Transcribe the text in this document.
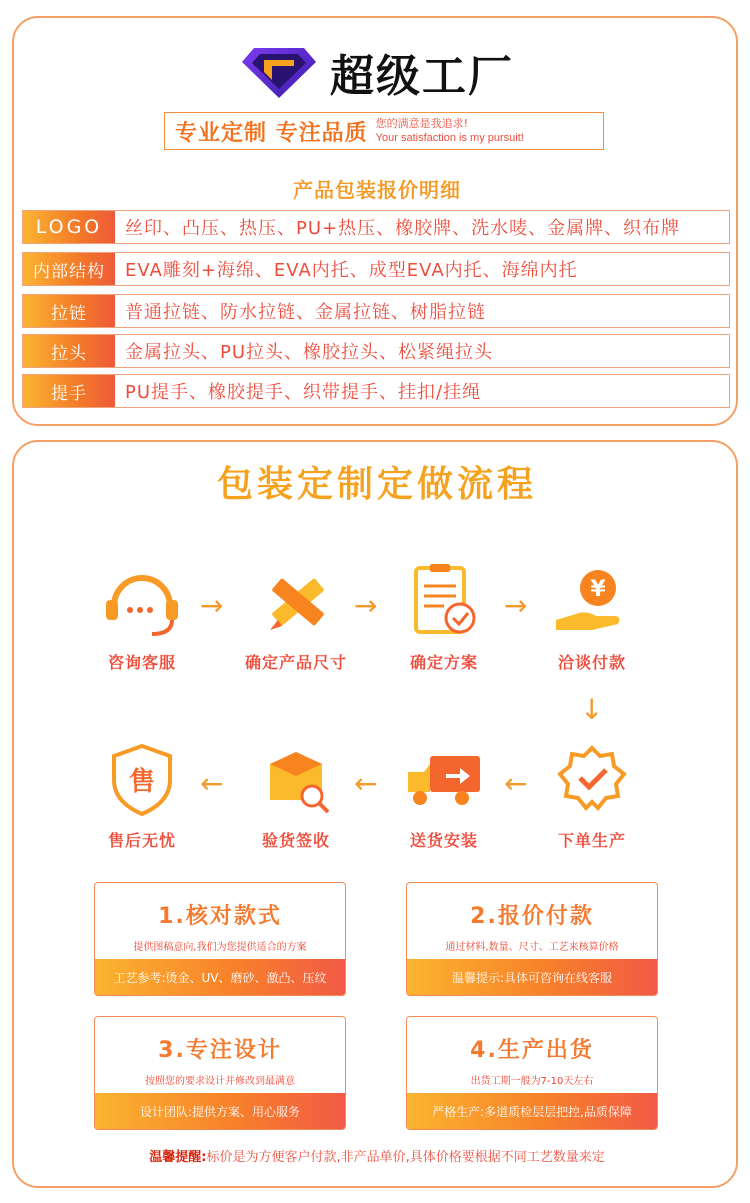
超级工厂
专业定制 专注品质 您的满意是我追求!
Your satisfaction is my pursuit!
产品包装报价明细
LOGO	丝印、凸压、热压、PU+热压、橡胶牌、洗水唛、金属牌、织布牌
内部结构	EVA雕刻+海绵、EVA内托、成型EVA内托、海绵内托
拉链	普通拉链、防水拉链、金属拉链、树脂拉链
拉头	金属拉头、PU拉头、橡胶拉头、松紧绳拉头
提手	PU提手、橡胶提手、织带提手、挂扣/挂绳
包装定制定做流程
咨询客服
→
确定产品尺寸
→
确定方案
→	¥
洽谈付款
↓
售
售后无忧
←
验货签收
←
送货安装
←
下单生产
1.核对款式
提供图稿意向,我们为您提供适合的方案
工艺参考:烫金、UV、磨砂、激凸、压纹
2.报价付款
通过材料,数量、尺寸、工艺来核算价格
温馨提示:具体可咨询在线客服
3.专注设计
按照您的要求设计并修改到最满意
设计团队:提供方案、用心服务
4.生产出货
出货工期一般为7-10天左右
严格生产:多道质检层层把控,品质保障
温馨提醒:标价是为方便客户付款,非产品单价,具体价格要根据不同工艺数量来定
